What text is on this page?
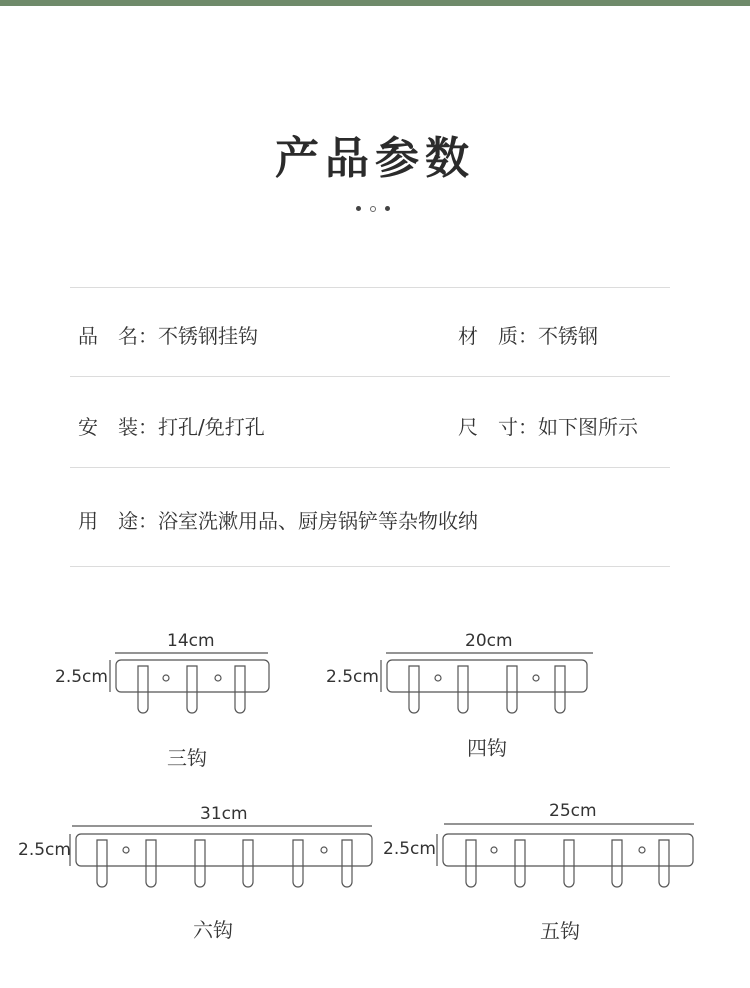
产品参数
品　名：不锈钢挂钩	材　质：不锈钢
安　装：打孔/免打孔	尺　寸：如下图所示
用　途：浴室洗漱用品、厨房锅铲等杂物收纳
14cm
2.5cm
三钩
20cm
2.5cm
四钩
31cm
2.5cm
六钩
25cm
2.5cm
五钩
